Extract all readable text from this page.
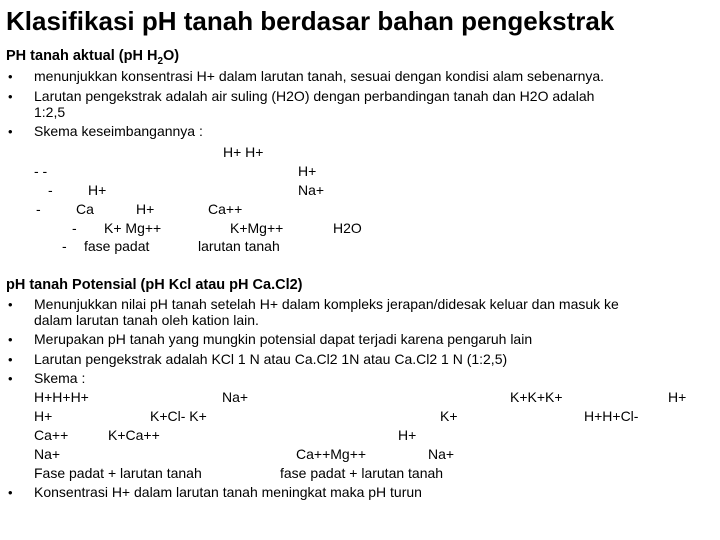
Klasifikasi pH tanah berdasar bahan pengekstrak
PH tanah aktual (pH $H_2O$)
• menunjukkan konsentrasi H+ dalam larutan tanah, sesuai dengan kondisi alam sebenarnya.
• Larutan pengekstrak adalah air suling (H2O) dengan perbandingan tanah dan H2O adalah
1:2,5
• Skema keseimbangannya :
H+ H+
- -	H+
-	H+	Na+
-	Ca	H+	Ca++
- K+ Mg++	K+Mg++	H2O
- fase padat	larutan tanah
pH tanah Potensial (pH Kcl atau pH Ca.Cl2)
• Menunjukkan nilai pH tanah setelah H+ dalam kompleks jerapan/didesak keluar dan masuk ke
dalam larutan tanah oleh kation lain.
• Merupakan pH tanah yang mungkin potensial dapat terjadi karena pengaruh lain
• Larutan pengekstrak adalah KCl 1 N atau Ca.Cl2 1N atau Ca.Cl2 1 N (1:2,5)
• Skema :
H+H+H+	Na+	K+K+K+	H+
H+	K+Cl- K+	K+	H+H+Cl-
Ca++	K+Ca++	H+
Na+	Ca++Mg++	Na+
Fase padat + larutan tanah	fase padat + larutan tanah
• Konsentrasi H+ dalam larutan tanah meningkat maka pH turun
